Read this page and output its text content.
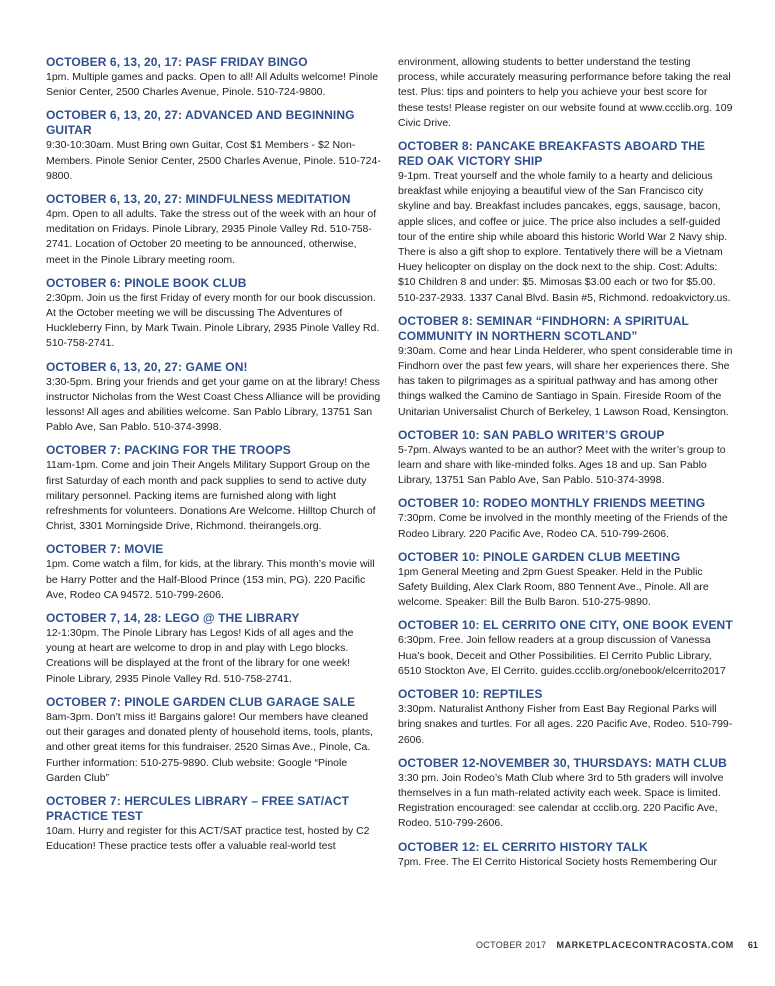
OCTOBER 6, 13, 20, 17: PASF FRIDAY BINGO

1pm. Multiple games and packs. Open to all! All Adults welcome! Pinole Senior Center, 2500 Charles Avenue, Pinole. 510-724-9800.

OCTOBER 6, 13, 20, 27: ADVANCED AND BEGINNING GUITAR

9:30-10:30am. Must Bring own Guitar, Cost $1 Members - $2 Non-Members. Pinole Senior Center, 2500 Charles Avenue, Pinole. 510-724-9800.

OCTOBER 6, 13, 20, 27: MINDFULNESS MEDITATION

4pm. Open to all adults. Take the stress out of the week with an hour of meditation on Fridays. Pinole Library, 2935 Pinole Valley Rd. 510-758-2741. Location of October 20 meeting to be announced, otherwise, meet in the Pinole Library meeting room.

OCTOBER 6: PINOLE BOOK CLUB

2:30pm. Join us the first Friday of every month for our book discussion. At the October meeting we will be discussing The Adventures of Huckleberry Finn, by Mark Twain. Pinole Library, 2935 Pinole Valley Rd. 510-758-2741.

OCTOBER 6, 13, 20, 27: GAME ON!

3:30-5pm. Bring your friends and get your game on at the library! Chess instructor Nicholas from the West Coast Chess Alliance will be providing lessons! All ages and abilities welcome. San Pablo Library, 13751 San Pablo Ave, San Pablo. 510-374-3998.

OCTOBER 7: PACKING FOR THE TROOPS

11am-1pm. Come and join Their Angels Military Support Group on the first Saturday of each month and pack supplies to send to active duty military personnel. Packing items are furnished along with light refreshments for volunteers. Donations Are Welcome. Hilltop Church of Christ, 3301 Morningside Drive, Richmond. theirangels.org.

OCTOBER 7: MOVIE

1pm. Come watch a film, for kids, at the library. This month’s movie will be Harry Potter and the Half-Blood Prince (153 min, PG). 220 Pacific Ave, Rodeo CA 94572. 510-799-2606.

OCTOBER 7, 14, 28: LEGO @ THE LIBRARY

12-1:30pm. The Pinole Library has Legos! Kids of all ages and the young at heart are welcome to drop in and play with Lego blocks. Creations will be displayed at the front of the library for one week! Pinole Library, 2935 Pinole Valley Rd. 510-758-2741.

OCTOBER 7: PINOLE GARDEN CLUB GARAGE SALE

8am-3pm. Don’t miss it! Bargains galore! Our members have cleaned out their garages and donated plenty of household items, tools, plants, and other great items for this fundraiser. 2520 Simas Ave., Pinole, Ca. Further information: 510-275-9890. Club website: Google “Pinole Garden Club”

OCTOBER 7: HERCULES LIBRARY – FREE SAT/ACT PRACTICE TEST

10am. Hurry and register for this ACT/SAT practice test, hosted by C2 Education! These practice tests offer a valuable real-world test

environment, allowing students to better understand the testing process, while accurately measuring performance before taking the real test. Plus: tips and pointers to help you achieve your best score for these tests! Please register on our website found at www.ccclib.org. 109 Civic Drive.

OCTOBER 8: PANCAKE BREAKFASTS ABOARD THE RED OAK VICTORY SHIP

9-1pm. Treat yourself and the whole family to a hearty and delicious breakfast while enjoying a beautiful view of the San Francisco city skyline and bay. Breakfast includes pancakes, eggs, sausage, bacon, apple slices, and coffee or juice. The price also includes a self-guided tour of the entire ship while aboard this historic World War 2 Navy ship. There is also a gift shop to explore. Tentatively there will be a Vietnam Huey helicopter on display on the dock next to the ship. Cost: Adults: $10 Children 8 and under: $5. Mimosas $3.00 each or two for $5.00. 510-237-2933. 1337 Canal Blvd. Basin #5, Richmond. redoakvictory.us.

OCTOBER 8: SEMINAR “FINDHORN: A SPIRITUAL COMMUNITY IN NORTHERN SCOTLAND”

9:30am. Come and hear Linda Helderer, who spent considerable time in Findhorn over the past few years, will share her experiences there. She has taken to pilgrimages as a spiritual pathway and has among other things walked the Camino de Santiago in Spain. Fireside Room of the Unitarian Universalist Church of Berkeley, 1 Lawson Road, Kensington.

OCTOBER 10: SAN PABLO WRITER’S GROUP

5-7pm. Always wanted to be an author? Meet with the writer’s group to learn and share with like-minded folks. Ages 18 and up. San Pablo Library, 13751 San Pablo Ave, San Pablo. 510-374-3998.

OCTOBER 10: RODEO MONTHLY FRIENDS MEETING

7:30pm. Come be involved in the monthly meeting of the Friends of the Rodeo Library. 220 Pacific Ave, Rodeo CA. 510-799-2606.

OCTOBER 10: PINOLE GARDEN CLUB MEETING

1pm General Meeting and 2pm Guest Speaker. Held in the Public Safety Building, Alex Clark Room, 880 Tennent Ave., Pinole. All are welcome. Speaker: Bill the Bulb Baron. 510-275-9890.

OCTOBER 10: EL CERRITO ONE CITY, ONE BOOK EVENT

6:30pm. Free. Join fellow readers at a group discussion of Vanessa Hua’s book, Deceit and Other Possibilities. El Cerrito Public Library, 6510 Stockton Ave, El Cerrito. guides.ccclib.org/onebook/elcerrito2017

OCTOBER 10: REPTILES

3:30pm. Naturalist Anthony Fisher from East Bay Regional Parks will bring snakes and turtles. For all ages. 220 Pacific Ave, Rodeo. 510-799-2606.

OCTOBER 12-NOVEMBER 30, THURSDAYS: MATH CLUB

3:30 pm. Join Rodeo’s Math Club where 3rd to 5th graders will involve themselves in a fun math-related activity each week. Space is limited. Registration encouraged: see calendar at ccclib.org. 220 Pacific Ave, Rodeo. 510-799-2606.

OCTOBER 12: EL CERRITO HISTORY TALK

7pm. Free. The El Cerrito Historical Society hosts Remembering Our

OCTOBER 2017 MARKETPLACECONTRACOSTA.COM 61
